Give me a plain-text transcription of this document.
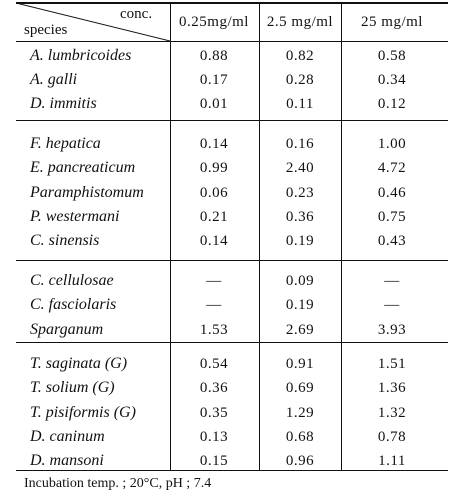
conc.
species	0.25mg/ml	2.5 mg/ml	25 mg/ml
A. lumbricoides	0.88	0.82	0.58
A. galli	0.17	0.28	0.34
D. immitis	0.01	0.11	0.12
F. hepatica	0.14	0.16	1.00
E. pancreaticum	0.99	2.40	4.72
Paramphistomum	0.06	0.23	0.46
P. westermani	0.21	0.36	0.75
C. sinensis	0.14	0.19	0.43
C. cellulosae	—	0.09	—
C. fasciolaris	—	0.19	—
Sparganum	1.53	2.69	3.93
T. saginata (G)	0.54	0.91	1.51
T. solium (G)	0.36	0.69	1.36
T. pisiformis (G)	0.35	1.29	1.32
D. caninum	0.13	0.68	0.78
D. mansoni	0.15	0.96	1.11
Incubation temp. ; 20°C, pH ; 7.4
